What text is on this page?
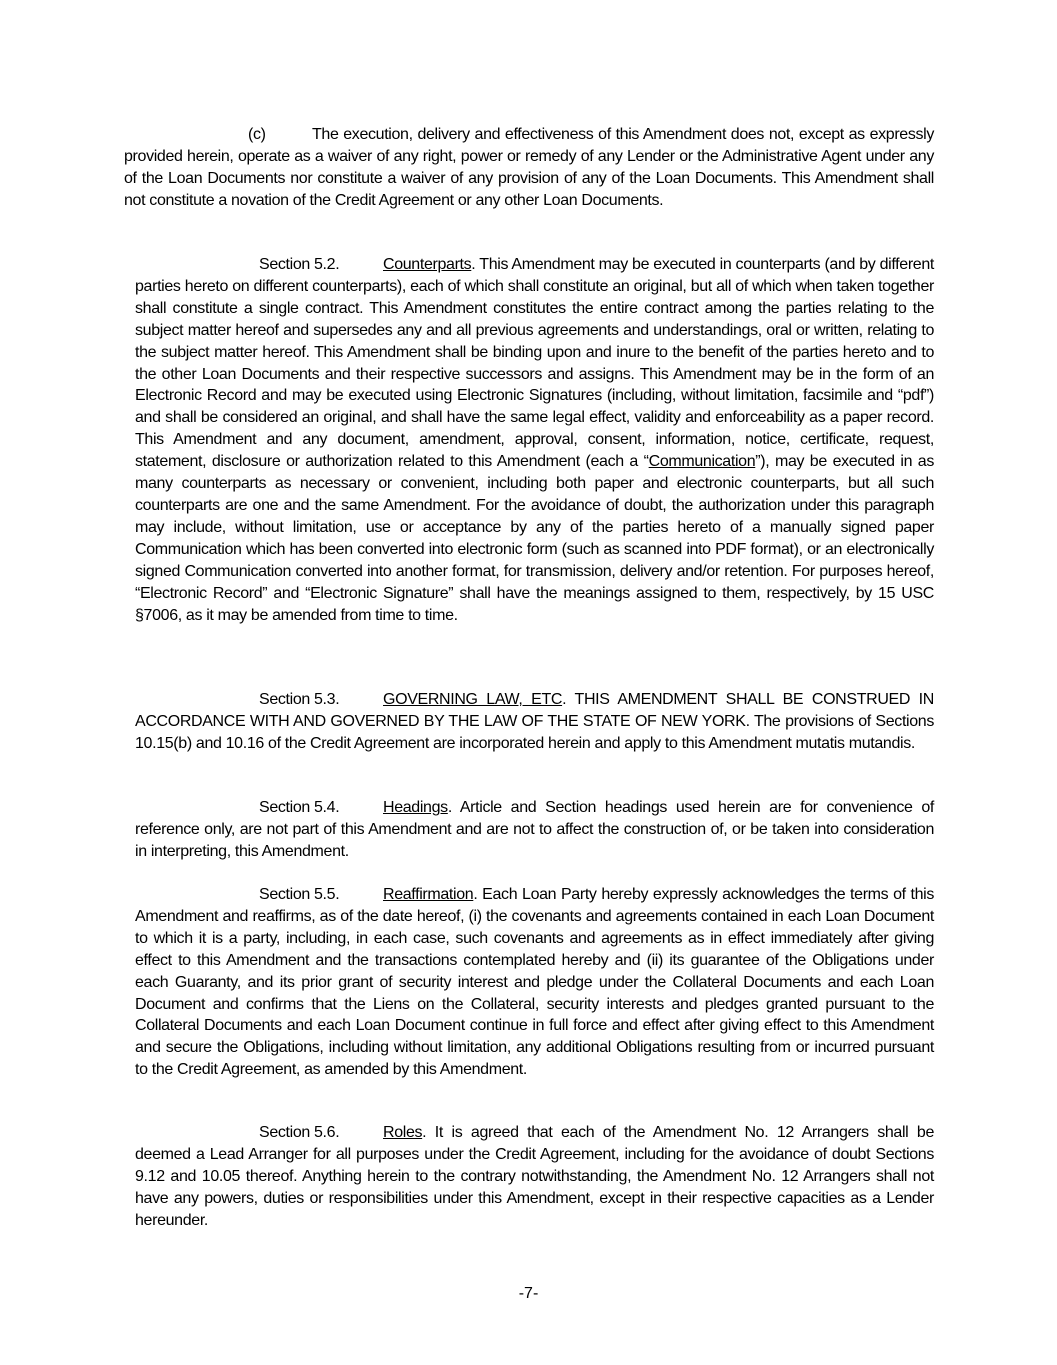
(c)	The execution, delivery and effectiveness of this Amendment does not, except as expressly provided herein, operate as a waiver of any right, power or remedy of any Lender or the Administrative Agent under any of the Loan Documents nor constitute a waiver of any provision of any of the Loan Documents. This Amendment shall not constitute a novation of the Credit Agreement or any other Loan Documents.

Section 5.2.	Counterparts. This Amendment may be executed in counterparts (and by different parties hereto on different counterparts), each of which shall constitute an original, but all of which when taken together shall constitute a single contract. This Amendment constitutes the entire contract among the parties relating to the subject matter hereof and supersedes any and all previous agreements and understandings, oral or written, relating to the subject matter hereof. This Amendment shall be binding upon and inure to the benefit of the parties hereto and to the other Loan Documents and their respective successors and assigns. This Amendment may be in the form of an Electronic Record and may be executed using Electronic Signatures (including, without limitation, facsimile and “pdf”) and shall be considered an original, and shall have the same legal effect, validity and enforceability as a paper record. This Amendment and any document, amendment, approval, consent, information, notice, certificate, request, statement, disclosure or authorization related to this Amendment (each a “Communication”), may be executed in as many counterparts as necessary or convenient, including both paper and electronic counterparts, but all such counterparts are one and the same Amendment. For the avoidance of doubt, the authorization under this paragraph may include, without limitation, use or acceptance by any of the parties hereto of a manually signed paper Communication which has been converted into electronic form (such as scanned into PDF format), or an electronically signed Communication converted into another format, for transmission, delivery and/or retention. For purposes hereof, “Electronic Record” and “Electronic Signature” shall have the meanings assigned to them, respectively, by 15 USC §7006, as it may be amended from time to time.

Section 5.3.	GOVERNING LAW, ETC. THIS AMENDMENT SHALL BE CONSTRUED IN ACCORDANCE WITH AND GOVERNED BY THE LAW OF THE STATE OF NEW YORK. The provisions of Sections 10.15(b) and 10.16 of the Credit Agreement are incorporated herein and apply to this Amendment mutatis mutandis.

Section 5.4.	Headings. Article and Section headings used herein are for convenience of reference only, are not part of this Amendment and are not to affect the construction of, or be taken into consideration in interpreting, this Amendment.

Section 5.5.	Reaffirmation. Each Loan Party hereby expressly acknowledges the terms of this Amendment and reaffirms, as of the date hereof, (i) the covenants and agreements contained in each Loan Document to which it is a party, including, in each case, such covenants and agreements as in effect immediately after giving effect to this Amendment and the transactions contemplated hereby and (ii) its guarantee of the Obligations under each Guaranty, and its prior grant of security interest and pledge under the Collateral Documents and each Loan Document and confirms that the Liens on the Collateral, security interests and pledges granted pursuant to the Collateral Documents and each Loan Document continue in full force and effect after giving effect to this Amendment and secure the Obligations, including without limitation, any additional Obligations resulting from or incurred pursuant to the Credit Agreement, as amended by this Amendment.

Section 5.6.	Roles. It is agreed that each of the Amendment No. 12 Arrangers shall be deemed a Lead Arranger for all purposes under the Credit Agreement, including for the avoidance of doubt Sections 9.12 and 10.05 thereof. Anything herein to the contrary notwithstanding, the Amendment No. 12 Arrangers shall not have any powers, duties or responsibilities under this Amendment, except in their respective capacities as a Lender hereunder.

-7-
